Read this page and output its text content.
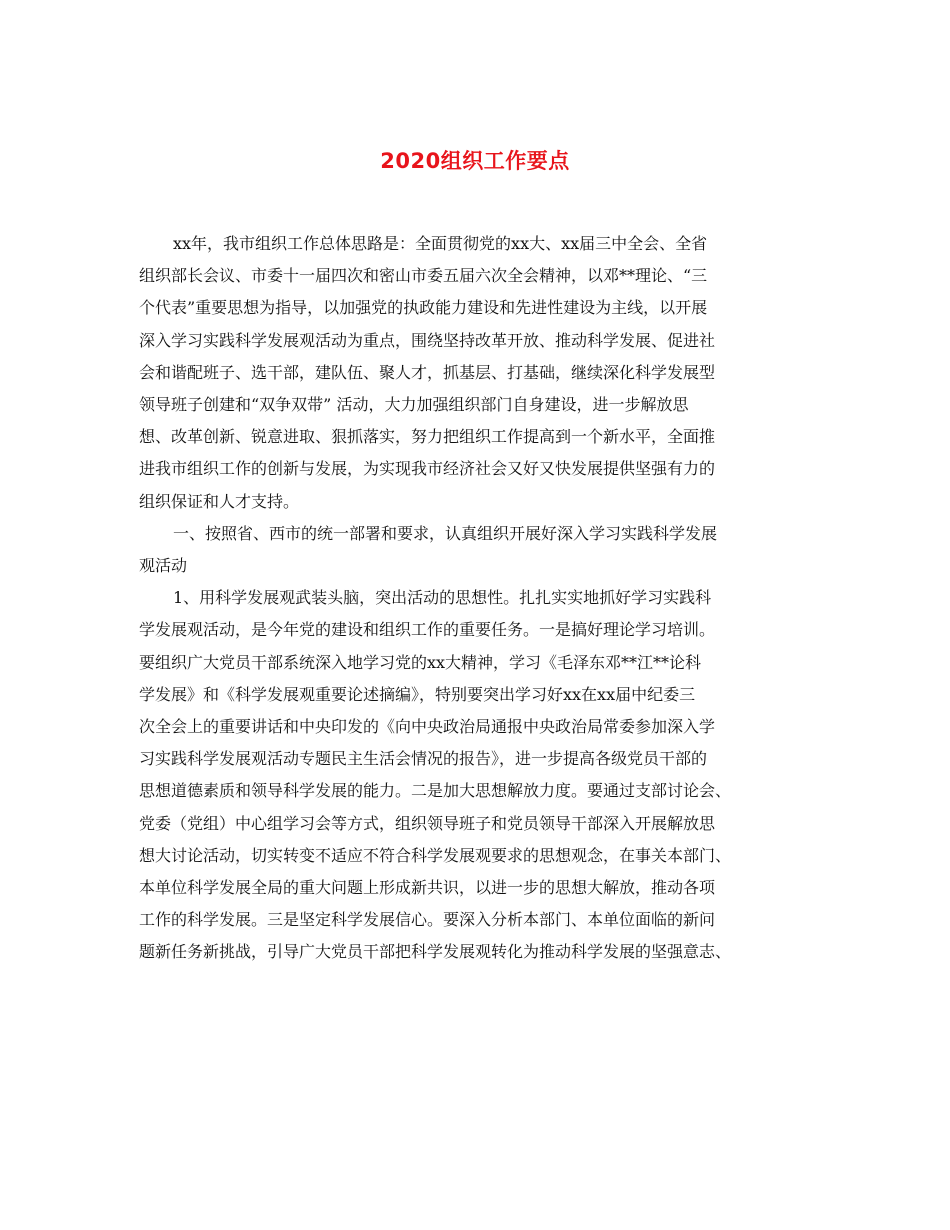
2020组织工作要点
xx年，我市组织工作总体思路是：全面贯彻党的xx大、xx届三中全会、全省
组织部长会议、市委十一届四次和密山市委五届六次全会精神，以邓**理论、“三
个代表”重要思想为指导，以加强党的执政能力建设和先进性建设为主线，以开展
深入学习实践科学发展观活动为重点，围绕坚持改革开放、推动科学发展、促进社
会和谐配班子、选干部，建队伍、聚人才，抓基层、打基础，继续深化科学发展型
领导班子创建和“双争双带” 活动，大力加强组织部门自身建设，进一步解放思
想、改革创新、锐意进取、狠抓落实，努力把组织工作提高到一个新水平，全面推
进我市组织工作的创新与发展，为实现我市经济社会又好又快发展提供坚强有力的
组织保证和人才支持。
一、按照省、西市的统一部署和要求，认真组织开展好深入学习实践科学发展
观活动
1、用科学发展观武装头脑，突出活动的思想性。扎扎实实地抓好学习实践科
学发展观活动，是今年党的建设和组织工作的重要任务。一是搞好理论学习培训。
要组织广大党员干部系统深入地学习党的xx大精神，学习《毛泽东邓**江**论科
学发展》和《科学发展观重要论述摘编》，特别要突出学习好xx在xx届中纪委三
次全会上的重要讲话和中央印发的《向中央政治局通报中央政治局常委参加深入学
习实践科学发展观活动专题民主生活会情况的报告》，进一步提高各级党员干部的
思想道德素质和领导科学发展的能力。二是加大思想解放力度。要通过支部讨论会、
党委（党组）中心组学习会等方式，组织领导班子和党员领导干部深入开展解放思
想大讨论活动，切实转变不适应不符合科学发展观要求的思想观念，在事关本部门、
本单位科学发展全局的重大问题上形成新共识，以进一步的思想大解放，推动各项
工作的科学发展。三是坚定科学发展信心。要深入分析本部门、本单位面临的新问
题新任务新挑战，引导广大党员干部把科学发展观转化为推动科学发展的坚强意志、
